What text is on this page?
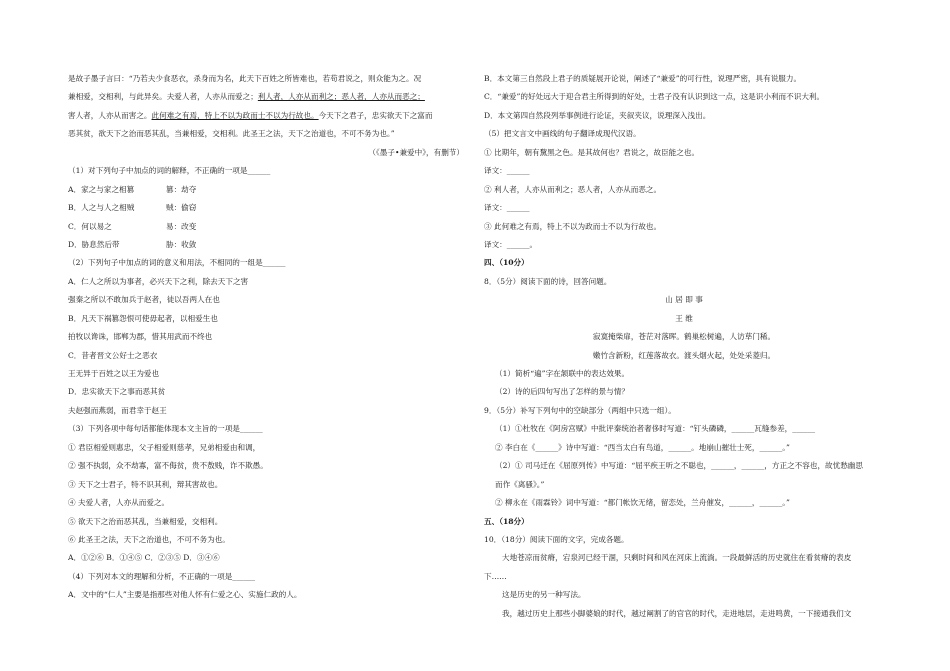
是故子墨子言曰：“乃若夫少食恶衣，杀身而为名，此天下百姓之所皆难也，若苟君说之，则众能为之。况
兼相爱，交相利，与此异矣。夫爱人者，人亦从而爱之；利人者，人亦从而利之；恶人者，人亦从而恶之；
害人者，人亦从而害之。此何难之有焉，特上不以为政而士不以为行故也。今天下之君子，忠实欲天下之富而
恶其贫，欲天下之治而恶其乱，当兼相爱，交相利。此圣王之法，天下之治道也，不可不务为也。”
（《墨子•兼爱中》，有删节）
（1）对下列句子中加点的词的解释，不正确的一项是______
A．家之与家之相篡	篡：劫夺
B．人之与人之相贼	贼：偷窃
C．何以易之	易：改变
D．胁息然后带	胁：收敛
（2）下列句子中加点的词的意义和用法，不相同的一组是______
A．仁人之所以为事者，必兴天下之利，除去天下之害
强秦之所以不敢加兵于赵者，徒以吾两人在也
B．凡天下祸篡怨恨可使毋起者，以相爱生也
拍牧以谗诛，邯郸为郡，惜其用武而不终也
C．昔者晋文公好士之恶衣
王无异于百姓之以王为爱也
D．忠实欲天下之事而恶其贫
夫赵强而燕弱，而君幸于赵王
（3）下列各项中每句话都能体现本文主旨的一项是______
① 君臣相爱则惠忠，父子相爱则慈孝，兄弟相爱由和调，
② 强不执弱，众不劫寡，富不侮贫，贵不敖贱，诈不欺愚。
③ 天下之士君子，特不识其利，辩其害故也。
④ 夫爱人者，人亦从而爱之。
⑤ 欲天下之治而恶其乱，当兼相爱，交相利。
⑥ 此圣王之法，天下之治道也，不可不务为也。
A．①②⑥ B．①④⑤ C．②③⑤ D．③④⑥
（4）下列对本文的理解和分析，不正确的一项是______
A．文中的“仁人”主要是指那些对他人怀有仁爱之心、实施仁政的人。
B．本文第三自然段上君子的质疑展开论说，阐述了“兼爱”的可行性，说理严密，具有说服力。
C．“兼爱”的好处远大于迎合君主所得到的好处，士君子没有认识到这一点，这是识小利而不识大利。
D．本文第四自然段列举事例进行论证，夹叙夹议，说理深入浅出。
（5）把文言文中画线的句子翻译成现代汉语。
① 比期年，朝有黧黑之色。是其故何也？君说之，故臣能之也。
译文：______
② 利人者，人亦从而利之；恶人者，人亦从而恶之。
译文：______
③ 此何难之有焉，特上不以为政而士不以为行故也。
译文：______。
四、（10分）
8．（5分）阅读下面的诗，回答问题。
山 居 即 事
王 维
寂寞掩柴扉，苍茫对落晖。鹤巢松树遍，人访荜门稀。
嫩竹含新粉，红莲落故衣。渡头烟火起，处处采菱归。
（1）简析“遍”字在颔联中的表达效果。
（2）诗的后四句写出了怎样的景与情？
9．（5分）补写下列句中的空缺部分（两组中只选一组）。
（1）①杜牧在《阿房宫赋》中批评秦统治者奢侈时写道：“钉头磷磷，______瓦缝参差，______
② 李白在《______》诗中写道：“西当太白有鸟道，______。地崩山摧壮士死，______。”
（2）① 司马迁在《屈原列传》中写道：“屈平疾王听之不聪也，______，______，方正之不容也，故忧愁幽思
而作《离骚》。”
② 柳永在《雨霖铃》词中写道：“都门帐饮无绪，留恋处，兰舟催发，______，______。”
五、（18分）
10．（18分）阅读下面的文字，完成各题。
大地苍凉而贫瘠，宕泉河已经干涸，只剩时间和风在河床上流淌。一段最鲜活的历史就住在看贫瘠的表皮
下……
这是历史的另一种写法。
我，越过历史上那些小脚婆娘的时代，越过阐割了的官官的时代，走进地层，走进鸣黄，一下接通我们文
